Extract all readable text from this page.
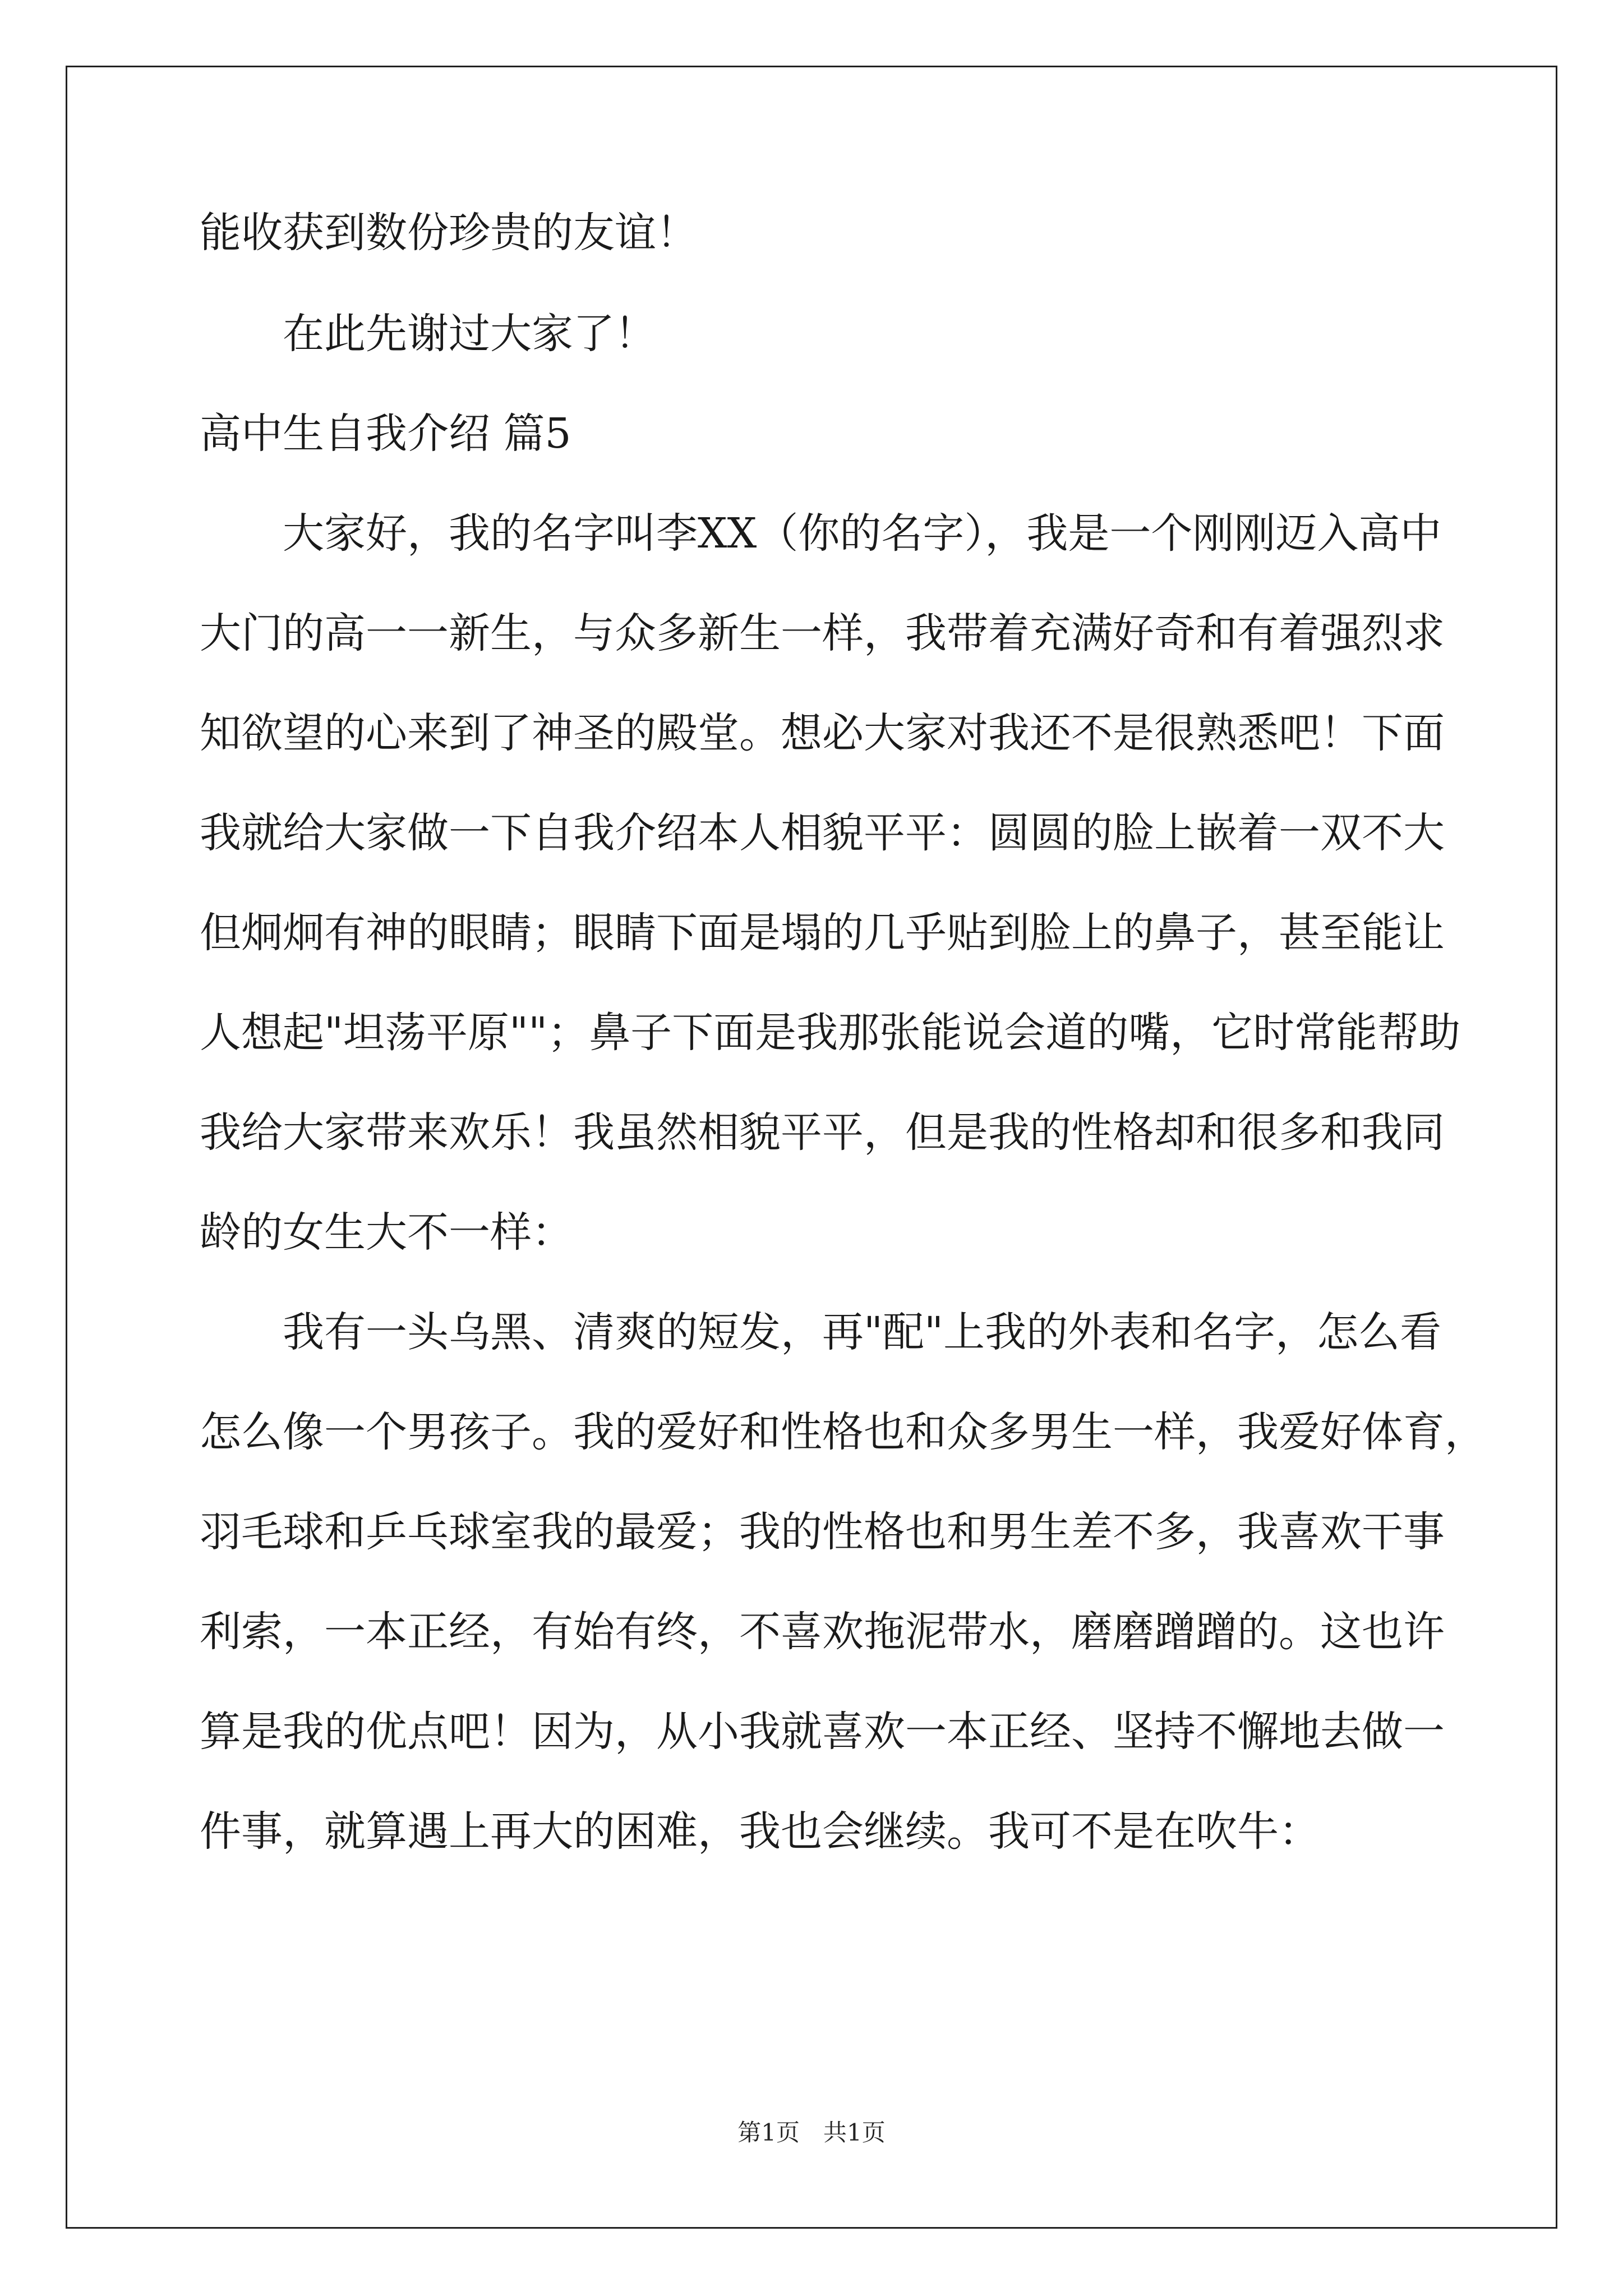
能收获到数份珍贵的友谊！
在此先谢过大家了！
高中生自我介绍 篇5
大家好，我的名字叫李XX（你的名字），我是一个刚刚迈入高中
大门的高一一新生，与众多新生一样，我带着充满好奇和有着强烈求
知欲望的心来到了神圣的殿堂。想必大家对我还不是很熟悉吧！下面
我就给大家做一下自我介绍本人相貌平平：圆圆的脸上嵌着一双不大
但炯炯有神的眼睛；眼睛下面是塌的几乎贴到脸上的鼻子，甚至能让
人想起"坦荡平原""；鼻子下面是我那张能说会道的嘴，它时常能帮助
我给大家带来欢乐！我虽然相貌平平，但是我的性格却和很多和我同
龄的女生大不一样：
我有一头乌黑、清爽的短发，再"配"上我的外表和名字，怎么看
怎么像一个男孩子。我的爱好和性格也和众多男生一样，我爱好体育，
羽毛球和乒乓球室我的最爱；我的性格也和男生差不多，我喜欢干事
利索，一本正经，有始有终，不喜欢拖泥带水，磨磨蹭蹭的。这也许
算是我的优点吧！因为，从小我就喜欢一本正经、坚持不懈地去做一
件事，就算遇上再大的困难，我也会继续。我可不是在吹牛：
第1页　共1页
